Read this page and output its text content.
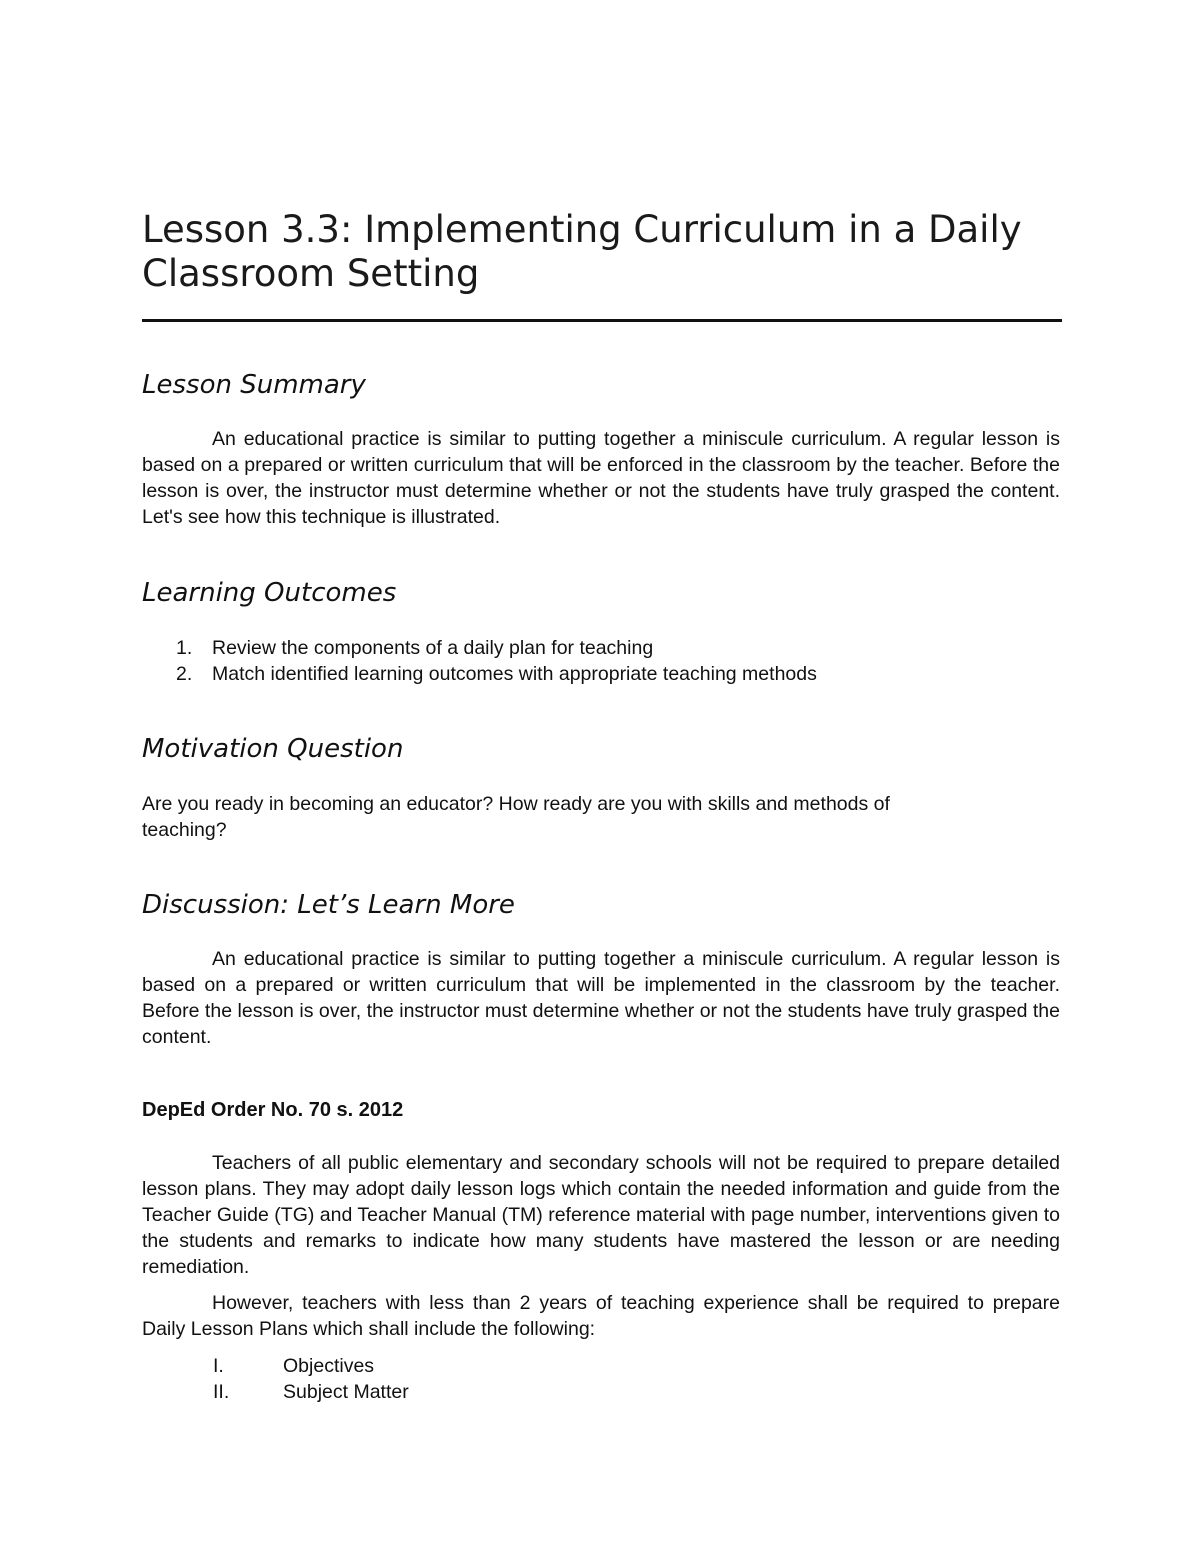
Lesson 3.3: Implementing Curriculum in a Daily Classroom Setting
Lesson Summary

An educational practice is similar to putting together a miniscule curriculum. A regular lesson is based on a prepared or written curriculum that will be enforced in the classroom by the teacher. Before the lesson is over, the instructor must determine whether or not the students have truly grasped the content. Let's see how this technique is illustrated.

Learning Outcomes
1.	Review the components of a daily plan for teaching
2.	Match identified learning outcomes with appropriate teaching methods
Motivation Question

Are you ready in becoming an educator? How ready are you with skills and methods of teaching?

Discussion: Let’s Learn More

An educational practice is similar to putting together a miniscule curriculum. A regular lesson is based on a prepared or written curriculum that will be implemented in the classroom by the teacher. Before the lesson is over, the instructor must determine whether or not the students have truly grasped the content.

DepEd Order No. 70 s. 2012

Teachers of all public elementary and secondary schools will not be required to prepare detailed lesson plans. They may adopt daily lesson logs which contain the needed information and guide from the Teacher Guide (TG) and Teacher Manual (TM) reference material with page number, interventions given to the students and remarks to indicate how many students have mastered the lesson or are needing remediation.

However, teachers with less than 2 years of teaching experience shall be required to prepare Daily Lesson Plans which shall include the following:

I.	Objectives
II.	Subject Matter
